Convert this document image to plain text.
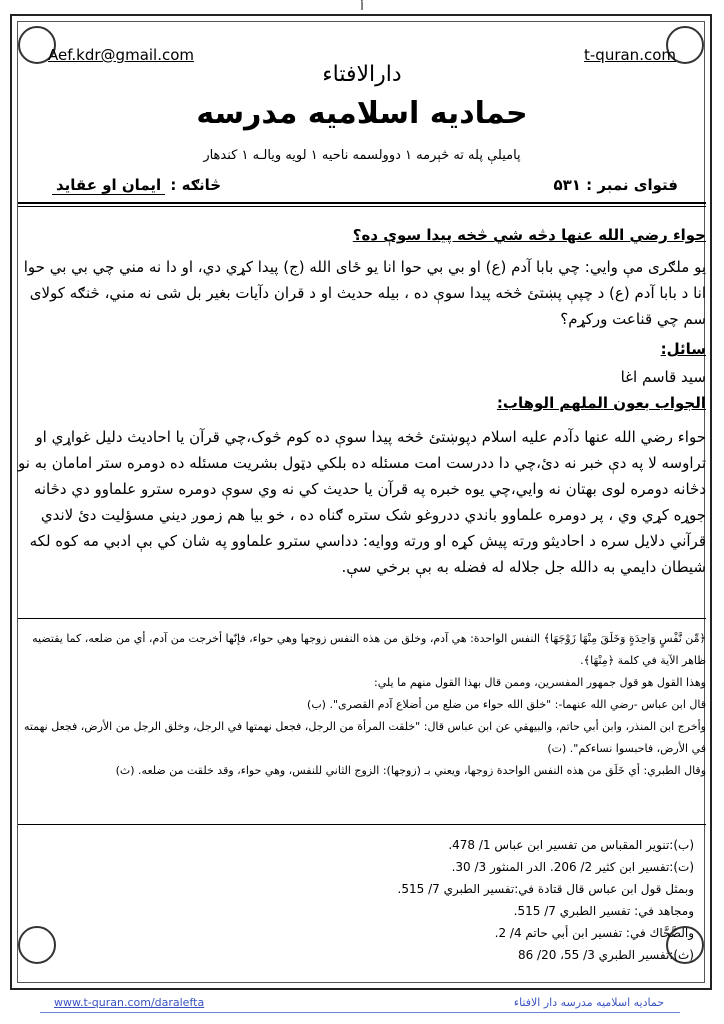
أ
Aef.kdr@gmail.com	t-quran.com
دارالافتاء
حمادیه اسلامیه مدرسه
پاميلې پله ته څېرمه ۱ دوولسمه ناحيه ۱ لويه ويالـه ۱ کندهار
فتوای نمبر : ۵۳۱
څانګه : ایمان او عقاید
حواء رضي الله عنها دڅه شي څخه پيدا سوې ده؟
يو ملګری مې وايي: چي بابا آدم (ع) او بي بي حوا انا يو ځای الله (ج) پيدا کړي دي، او دا نه مني چي بي بي حوا انا د بابا آدم (ع) د چپې پښتئ څخه پيدا سوې ده ، بيله حديث او د قران دآيات بغير بل شی نه مني، څنګه کولای سم چي قناعت ورکړم؟
سائل:
سيد قاسم اغا
الجواب بعون الملهم الوهاب:
حواء رضي الله عنها دآدم عليه اسلام دپوښتئ څخه پيدا سوې ده کوم څوک،چي قرآن يا احاديث دليل غواړي او تراوسه لا په دې خبر نه دئ،چي دا ددرست امت مسئله ده بلکي دټول بشريت مسئله ده دومره ستر امامان به نو دڅانه دومره لوی بهتان نه وايي،چي يوه خبره په قرآن يا حديث کي نه وي سوې دومره سترو علماوو دي دڅانه جوړه کړي وي ، پر دومره علماوو باندي ددروغو شک ستره ګناه ده ، خو بيا هم زموږ ديني مسؤليت دئ لاندي قرآني دلايل سره د احاديثو ورته پيش کړه او ورته ووايه: دداسي سترو علماوو په شان کي بې ادبي مه کوه لکه شيطان دايمي به دالله جل جلاله له فضله به بې برخي سې.

﴿مِّن نَّفْسٍ وَاحِدَةٍ وَخَلَقَ مِنْهَا زَوْجَهَا﴾ النفس الواحدة: هي آدم، وخلق من هذه النفس زوجها وهي حواء، فإنّها أخرجت من آدم، أي من ضلعه، كما يقتضيه ظاهر الآية في كلمة ﴿مِنْهَا﴾.

وهذا القول هو قول جمهور المفسرين، وممن قال بهذا القول منهم ما يلي:

قال ابن عباس -رضي الله عنهما-: "خلق الله حواء من ضلع من أضلاع آدم القصرى". (ب)

وأخرج ابن المنذر، وابن أبي حاتم، والبيهقي عن ابن عباس قال: "خلقت المرأة من الرجل، فجعل نهمتها في الرجل، وخلق الرجل من الأرض، فجعل نهمته في الأرض، فاحبسوا نساءكم". (ت)

وقال الطبري: أي خَلَق من هذه النفس الواحدة زوجها، ويعني بـ (زوجها): الزوج الثاني للنفس، وهي حواء، وقد خلقت من ضلعه. (ث)

(ب):تنوير المقباس من تفسير ابن عباس 1/ 478.

(ت):تفسير ابن كثير 2/ 206. الدر المنثور 3/ 30.

وبمثل قول ابن عباس قال قتادة في:تفسير الطبري 7/ 515.

ومجاهد في: تفسير الطبري 7/ 515.

والضَّحَّاك في: تفسير ابن أبي حاتم 4/ 2.

(ث):تفسير الطبري 3/ 55، 20/ 86

www.t-quran.com/daralefta	حمادیه اسلامیه مدرسه دار الافتاء
